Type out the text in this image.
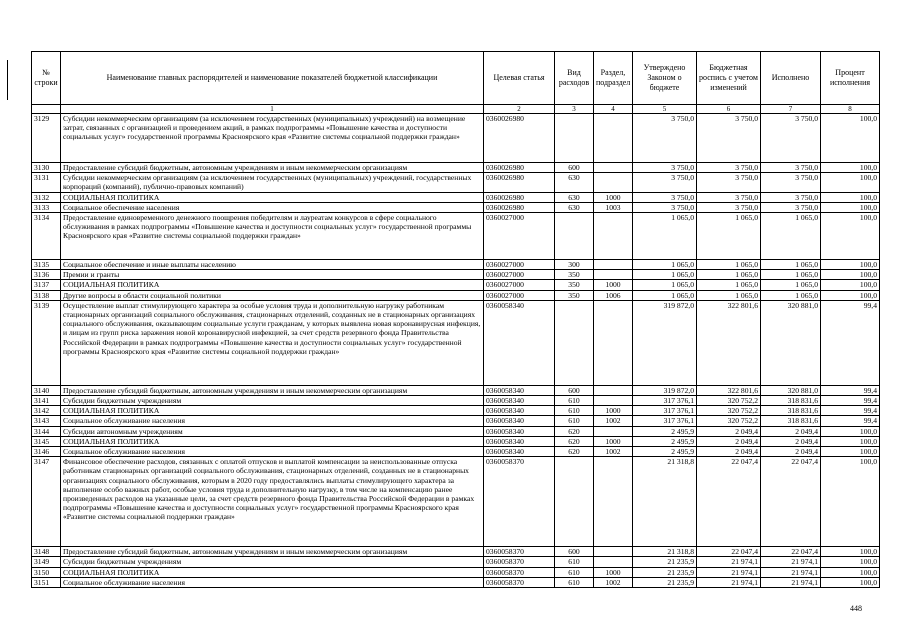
№ строки	Наименование главных распорядителей и наименование показателей бюджетной классификации	Целевая статья	Вид расходов	Раздел, подраздел	Утверждено Законом о бюджете	Бюджетная роспись с учетом изменений	Исполнено	Процент исполнения
	1	2	3	4	5	6	7	8
3129	Субсидии некоммерческим организациям (за исключением государственных (муниципальных) учреждений) на возмещение затрат, связанных с организацией и проведением акций, в рамках подпрограммы «Повышение качества и доступности социальных услуг» государственной программы Красноярского края «Развитие системы социальной поддержки граждан»	0360026980			3 750,0	3 750,0	3 750,0	100,0
3130	Предоставление субсидий бюджетным, автономным учреждениям и иным некоммерческим организациям	0360026980	600		3 750,0	3 750,0	3 750,0	100,0
3131	Субсидии некоммерческим организациям (за исключением государственных (муниципальных) учреждений, государственных корпораций (компаний), публично-правовых компаний)	0360026980	630		3 750,0	3 750,0	3 750,0	100,0
3132	СОЦИАЛЬНАЯ ПОЛИТИКА	0360026980	630	1000	3 750,0	3 750,0	3 750,0	100,0
3133	Социальное обеспечение населения	0360026980	630	1003	3 750,0	3 750,0	3 750,0	100,0
3134	Предоставление единовременного денежного поощрения победителям и лауреатам конкурсов в сфере социального обслуживания в рамках подпрограммы «Повышение качества и доступности социальных услуг» государственной программы Красноярского края «Развитие системы социальной поддержки граждан»	0360027000			1 065,0	1 065,0	1 065,0	100,0
3135	Социальное обеспечение и иные выплаты населению	0360027000	300		1 065,0	1 065,0	1 065,0	100,0
3136	Премии и гранты	0360027000	350		1 065,0	1 065,0	1 065,0	100,0
3137	СОЦИАЛЬНАЯ ПОЛИТИКА	0360027000	350	1000	1 065,0	1 065,0	1 065,0	100,0
3138	Другие вопросы в области социальной политики	0360027000	350	1006	1 065,0	1 065,0	1 065,0	100,0
3139	Осуществление выплат стимулирующего характера за особые условия труда и дополнительную нагрузку работникам стационарных организаций социального обслуживания, стационарных отделений, созданных не в стационарных организациях социального обслуживания, оказывающим социальные услуги гражданам, у которых выявлена новая коронавирусная инфекция, и лицам из групп риска заражения новой коронавирусной инфекцией, за счет средств резервного фонда Правительства Российской Федерации в рамках подпрограммы «Повышение качества и доступности социальных услуг» государственной программы Красноярского края «Развитие системы социальной поддержки граждан»	0360058340			319 872,0	322 801,6	320 881,0	99,4
3140	Предоставление субсидий бюджетным, автономным учреждениям и иным некоммерческим организациям	0360058340	600		319 872,0	322 801,6	320 881,0	99,4
3141	Субсидии бюджетным учреждениям	0360058340	610		317 376,1	320 752,2	318 831,6	99,4
3142	СОЦИАЛЬНАЯ ПОЛИТИКА	0360058340	610	1000	317 376,1	320 752,2	318 831,6	99,4
3143	Социальное обслуживание населения	0360058340	610	1002	317 376,1	320 752,2	318 831,6	99,4
3144	Субсидии автономным учреждениям	0360058340	620		2 495,9	2 049,4	2 049,4	100,0
3145	СОЦИАЛЬНАЯ ПОЛИТИКА	0360058340	620	1000	2 495,9	2 049,4	2 049,4	100,0
3146	Социальное обслуживание населения	0360058340	620	1002	2 495,9	2 049,4	2 049,4	100,0
3147	Финансовое обеспечение расходов, связанных с оплатой отпусков и выплатой компенсации за неиспользованные отпуска работникам стационарных организаций социального обслуживания, стационарных отделений, созданных не в стационарных организациях социального обслуживания, которым в 2020 году предоставлялись выплаты стимулирующего характера за выполнение особо важных работ, особые условия труда и дополнительную нагрузку, в том числе на компенсацию ранее произведенных расходов на указанные цели, за счет средств резервного фонда Правительства Российской Федерации в рамках подпрограммы «Повышение качества и доступности социальных услуг» государственной программы Красноярского края «Развитие системы социальной поддержки граждан»	0360058370			21 318,8	22 047,4	22 047,4	100,0
3148	Предоставление субсидий бюджетным, автономным учреждениям и иным некоммерческим организациям	0360058370	600		21 318,8	22 047,4	22 047,4	100,0
3149	Субсидии бюджетным учреждениям	0360058370	610		21 235,9	21 974,1	21 974,1	100,0
3150	СОЦИАЛЬНАЯ ПОЛИТИКА	0360058370	610	1000	21 235,9	21 974,1	21 974,1	100,0
3151	Социальное обслуживание населения	0360058370	610	1002	21 235,9	21 974,1	21 974,1	100,0
448
